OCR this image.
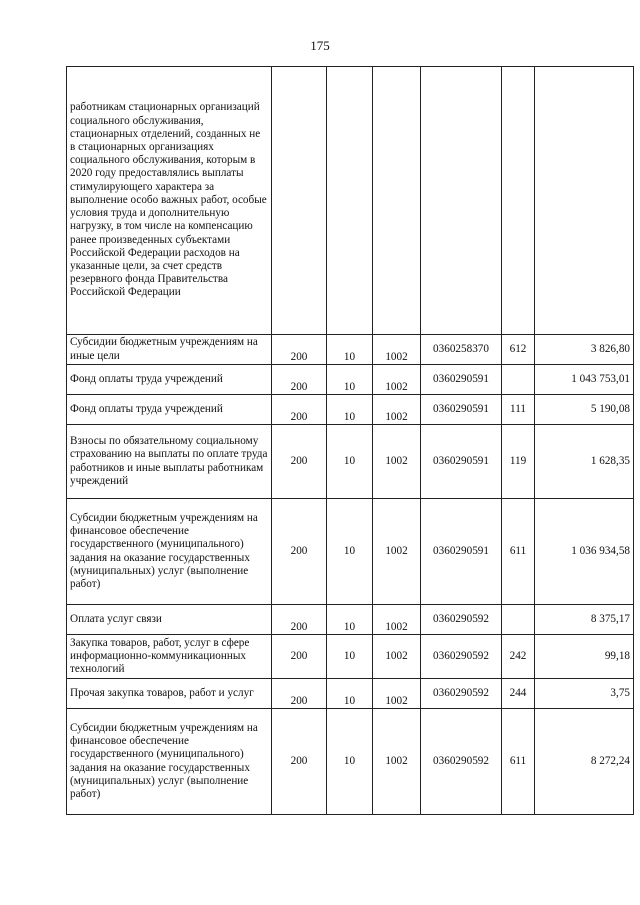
175
работникам стационарных организаций социального обслуживания, стационарных отделений, созданных не в стационарных организациях социального обслуживания, которым в 2020 году предоставлялись выплаты стимулирующего характера за выполнение особо важных работ, особые условия труда и дополнительную нагрузку, в том числе на компенсацию ранее произведенных субъектами Российской Федерации расходов на указанные цели, за счет средств резервного фонда Правительства Российской Федерации						
Субсидии бюджетным учреждениям на иные цели	200	10	1002	0360258370	612	3 826,80
Фонд оплаты труда учреждений	200	10	1002	0360290591		1 043 753,01
Фонд оплаты труда учреждений	200	10	1002	0360290591	111	5 190,08
Взносы по обязательному социальному страхованию на выплаты по оплате труда работников и иные выплаты работникам учреждений	200	10	1002	0360290591	119	1 628,35
Субсидии бюджетным учреждениям на финансовое обеспечение государственного (муниципального) задания на оказание государственных (муниципальных) услуг (выполнение работ)	200	10	1002	0360290591	611	1 036 934,58
Оплата услуг связи	200	10	1002	0360290592		8 375,17
Закупка товаров, работ, услуг в сфере информационно-коммуникационных технологий	200	10	1002	0360290592	242	99,18
Прочая закупка товаров, работ и услуг	200	10	1002	0360290592	244	3,75
Субсидии бюджетным учреждениям на финансовое обеспечение государственного (муниципального) задания на оказание государственных (муниципальных) услуг (выполнение работ)	200	10	1002	0360290592	611	8 272,24
